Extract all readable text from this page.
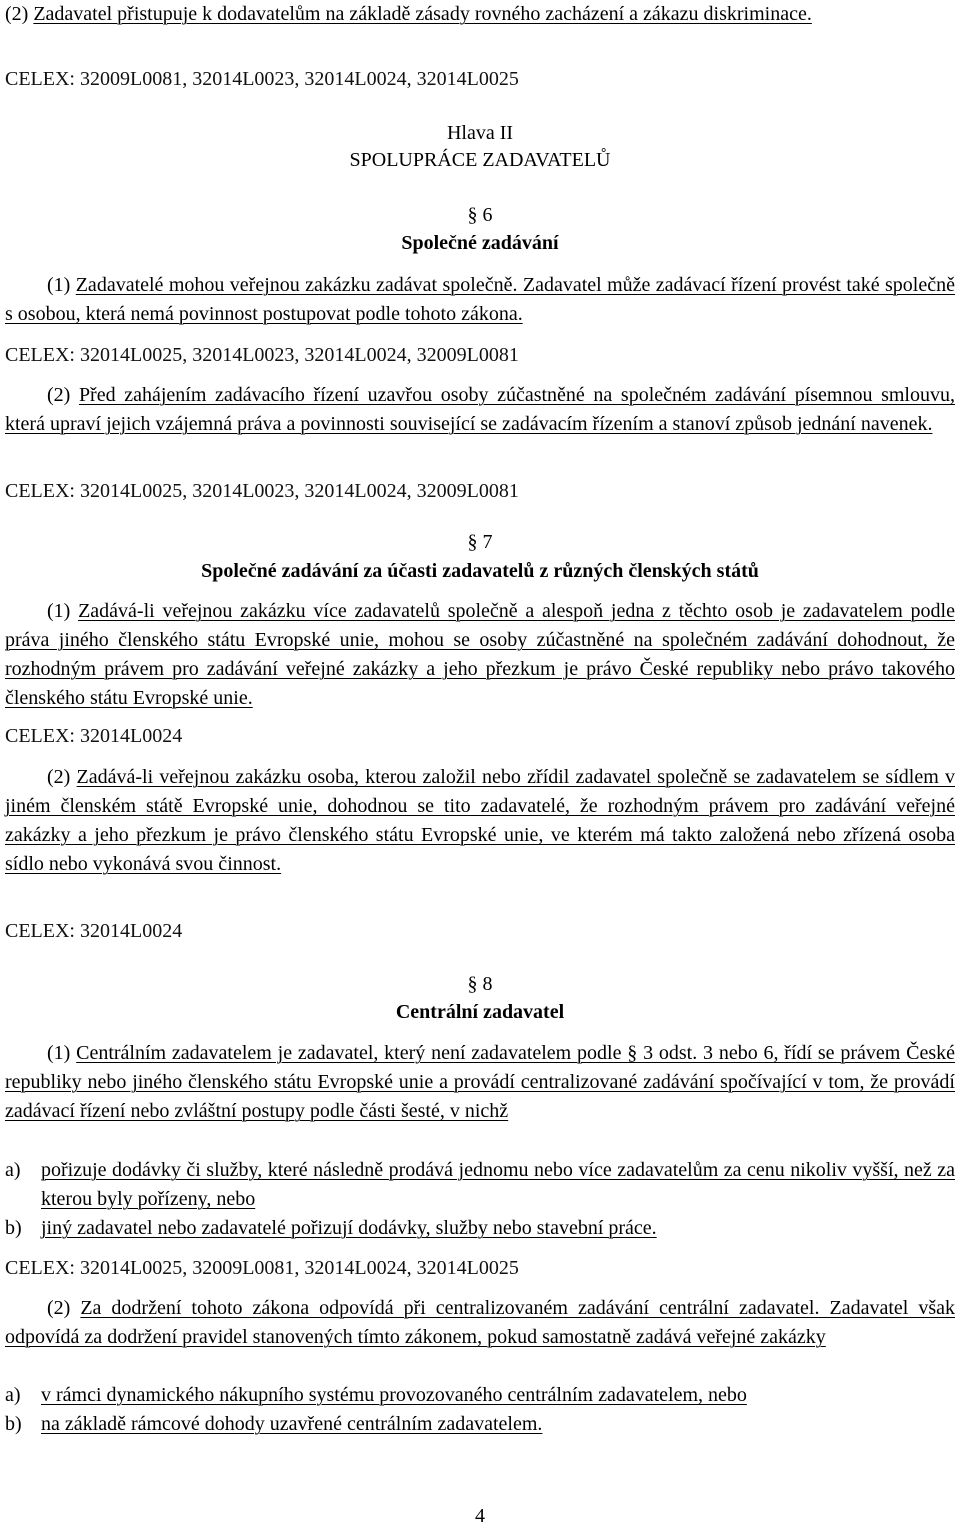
(2) Zadavatel přistupuje k dodavatelům na základě zásady rovného zacházení a zákazu diskriminace.

CELEX: 32009L0081, 32014L0023, 32014L0024, 32014L0025

Hlava II

SPOLUPRÁCE ZADAVATELŮ

§ 6

Společné zadávání

(1) Zadavatelé mohou veřejnou zakázku zadávat společně. Zadavatel může zadávací řízení provést také společně s osobou, která nemá povinnost postupovat podle tohoto zákona.

CELEX: 32014L0025, 32014L0023, 32014L0024, 32009L0081

(2) Před zahájením zadávacího řízení uzavřou osoby zúčastněné na společném zadávání písemnou smlouvu, která upraví jejich vzájemná práva a povinnosti související se zadávacím řízením a stanoví způsob jednání navenek.

CELEX: 32014L0025, 32014L0023, 32014L0024, 32009L0081

§ 7

Společné zadávání za účasti zadavatelů z různých členských států

(1) Zadává-li veřejnou zakázku více zadavatelů společně a alespoň jedna z těchto osob je zadavatelem podle práva jiného členského státu Evropské unie, mohou se osoby zúčastněné na společném zadávání dohodnout, že rozhodným právem pro zadávání veřejné zakázky a jeho přezkum je právo České republiky nebo právo takového členského státu Evropské unie.

CELEX: 32014L0024

(2) Zadává-li veřejnou zakázku osoba, kterou založil nebo zřídil zadavatel společně se zadavatelem se sídlem v jiném členském státě Evropské unie, dohodnou se tito zadavatelé, že rozhodným právem pro zadávání veřejné zakázky a jeho přezkum je právo členského státu Evropské unie, ve kterém má takto založená nebo zřízená osoba sídlo nebo vykonává svou činnost.

CELEX: 32014L0024

§ 8

Centrální zadavatel

(1) Centrálním zadavatelem je zadavatel, který není zadavatelem podle § 3 odst. 3 nebo 6, řídí se právem České republiky nebo jiného členského státu Evropské unie a provádí centralizované zadávání spočívající v tom, že provádí zadávací řízení nebo zvláštní postupy podle části šesté, v nichž

a) pořizuje dodávky či služby, které následně prodává jednomu nebo více zadavatelům za cenu nikoliv vyšší, než za kterou byly pořízeny, nebo
b) jiný zadavatel nebo zadavatelé pořizují dodávky, služby nebo stavební práce.

CELEX: 32014L0025, 32009L0081, 32014L0024, 32014L0025

(2) Za dodržení tohoto zákona odpovídá při centralizovaném zadávání centrální zadavatel. Zadavatel však odpovídá za dodržení pravidel stanovených tímto zákonem, pokud samostatně zadává veřejné zakázky

a) v rámci dynamického nákupního systému provozovaného centrálním zadavatelem, nebo
b) na základě rámcové dohody uzavřené centrálním zadavatelem.

4
